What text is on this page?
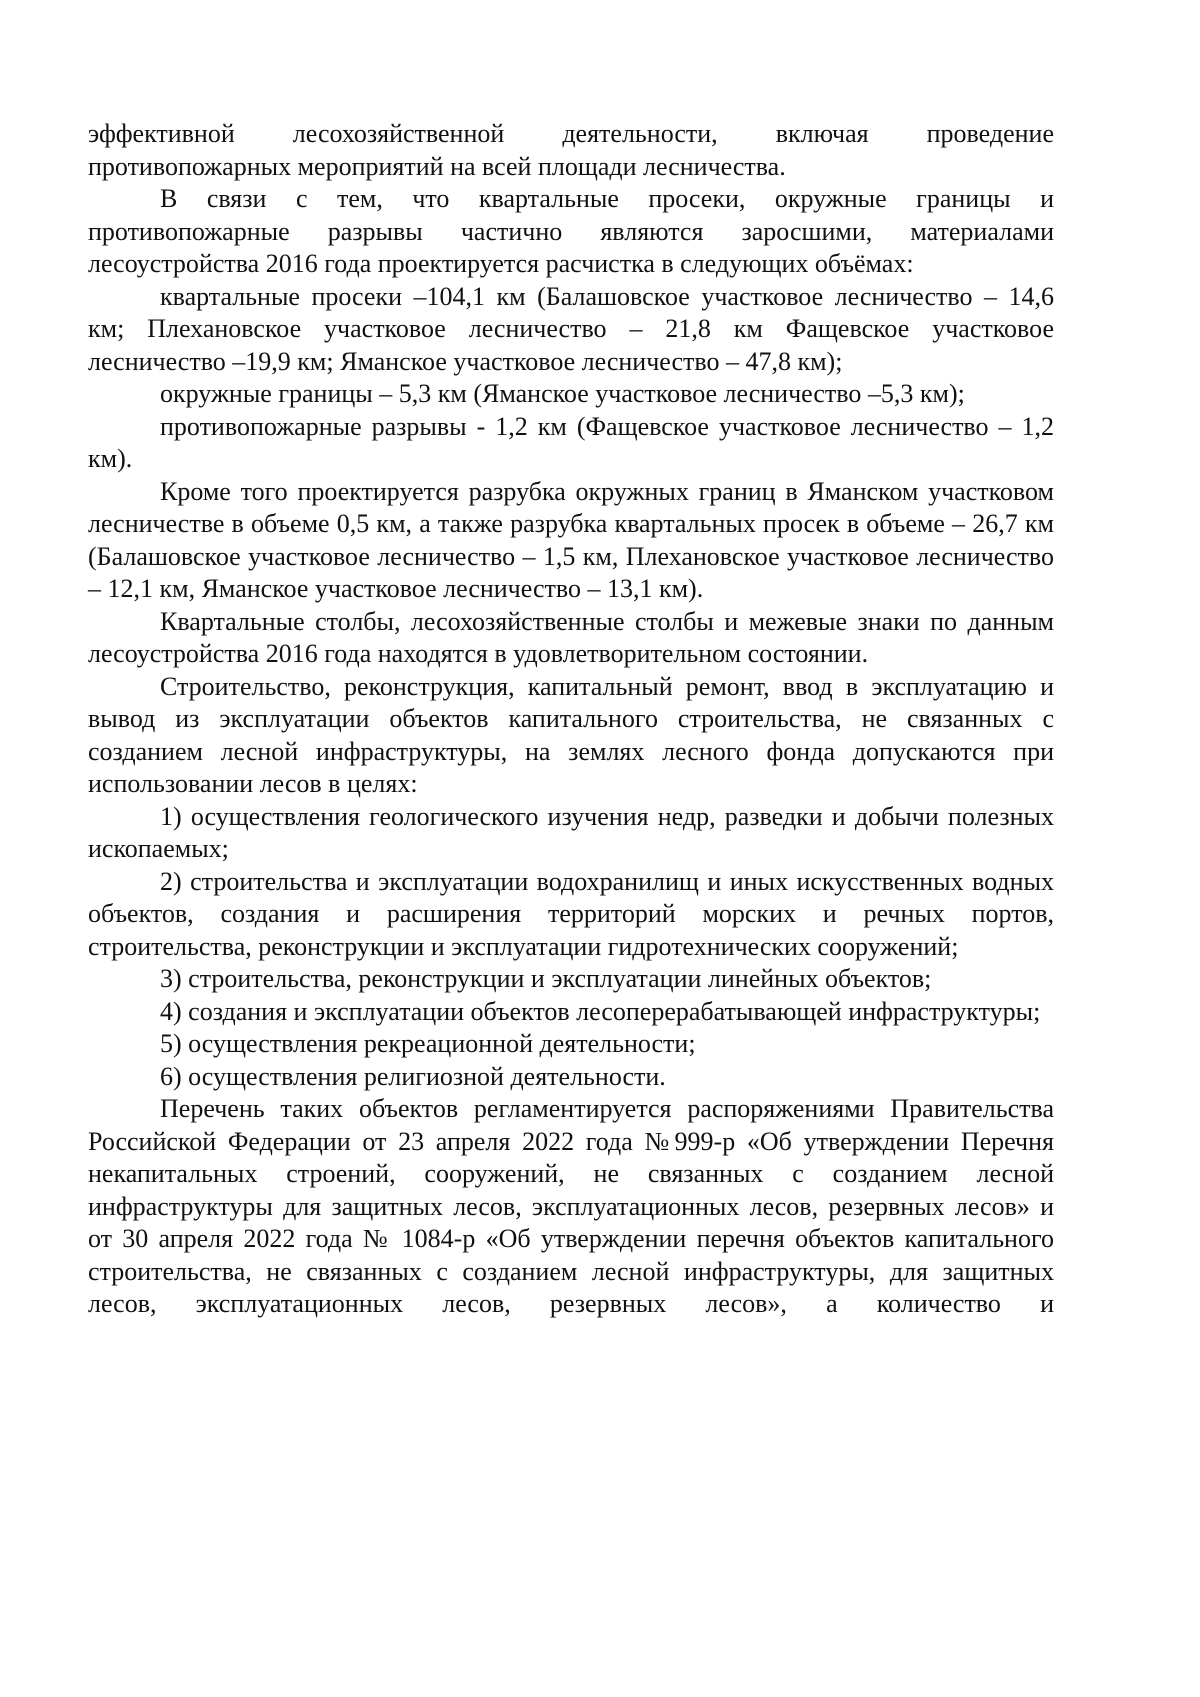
эффективной лесохозяйственной деятельности, включая проведение противопожарных мероприятий на всей площади лесничества.

В связи с тем, что квартальные просеки, окружные границы и противопожарные разрывы частично являются заросшими, материалами лесоустройства 2016 года проектируется расчистка в следующих объёмах:

квартальные просеки –104,1 км (Балашовское участковое лесничество – 14,6 км; Плехановское участковое лесничество – 21,8 км Фащевское участковое лесничество –19,9 км; Яманское участковое лесничество – 47,8 км);

окружные границы – 5,3 км (Яманское участковое лесничество –5,3 км);

противопожарные разрывы - 1,2 км (Фащевское участковое лесничество – 1,2 км).

Кроме того проектируется разрубка окружных границ в Яманском участковом лесничестве в объеме 0,5 км, а также разрубка квартальных просек в объеме – 26,7 км (Балашовское участковое лесничество – 1,5 км, Плехановское участковое лесничество – 12,1 км, Яманское участковое лесничество – 13,1 км).

Квартальные столбы, лесохозяйственные столбы и межевые знаки по данным лесоустройства 2016 года находятся в удовлетворительном состоянии.

Строительство, реконструкция, капитальный ремонт, ввод в эксплуатацию и вывод из эксплуатации объектов капитального строительства, не связанных с созданием лесной инфраструктуры, на землях лесного фонда допускаются при использовании лесов в целях:

1) осуществления геологического изучения недр, разведки и добычи полезных ископаемых;

2) строительства и эксплуатации водохранилищ и иных искусственных водных объектов, создания и расширения территорий морских и речных портов, строительства, реконструкции и эксплуатации гидротехнических сооружений;

3) строительства, реконструкции и эксплуатации линейных объектов;

4) создания и эксплуатации объектов лесоперерабатывающей инфраструктуры;

5) осуществления рекреационной деятельности;

6) осуществления религиозной деятельности.

Перечень таких объектов регламентируется распоряжениями Правительства Российской Федерации от 23 апреля 2022 года №999-р «Об утверждении Перечня некапитальных строений, сооружений, не связанных с созданием лесной инфраструктуры для защитных лесов, эксплуатационных лесов, резервных лесов» и от 30 апреля 2022 года № 1084-р «Об утверждении перечня объектов капитального строительства, не связанных с созданием лесной инфраструктуры, для защитных лесов, эксплуатационных лесов, резервных лесов», а количество и
